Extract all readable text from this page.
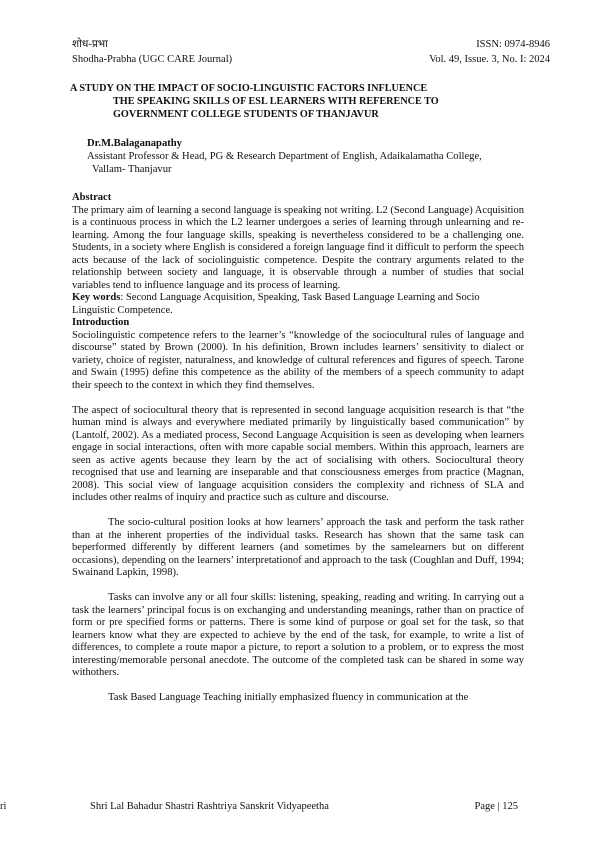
शोध-प्रभा
Shodha-Prabha (UGC CARE Journal)
ISSN: 0974-8946
Vol. 49, Issue. 3, No. I: 2024
A STUDY ON THE IMPACT OF SOCIO-LINGUISTIC FACTORS INFLUENCE
THE SPEAKING SKILLS OF ESL LEARNERS WITH REFERENCE TO
GOVERNMENT COLLEGE STUDENTS OF THANJAVUR
Dr.M.Balaganapathy
Assistant Professor & Head, PG & Research Department of English, Adaikalamatha College,
Vallam- Thanjavur

Abstract

The primary aim of learning a second language is speaking not writing. L2 (Second Language) Acquisition is a continuous process in which the L2 learner undergoes a series of learning through unlearning and re-learning. Among the four language skills, speaking is nevertheless considered to be a challenging one. Students, in a society where English is considered a foreign language find it difficult to perform the speech acts because of the lack of sociolinguistic competence. Despite the contrary arguments related to the relationship between society and language, it is observable through a number of studies that social variables tend to influence language and its process of learning.

Key words: Second Language Acquisition, Speaking, Task Based Language Learning and Socio Linguistic Competence.

Introduction

Sociolinguistic competence refers to the learner’s “knowledge of the sociocultural rules of language and discourse” stated by Brown (2000). In his definition, Brown includes learners’ sensitivity to dialect or variety, choice of register, naturalness, and knowledge of cultural references and figures of speech. Tarone and Swain (1995) define this competence as the ability of the members of a speech community to adapt their speech to the context in which they find themselves.

The aspect of sociocultural theory that is represented in second language acquisition research is that “the human mind is always and everywhere mediated primarily by linguistically based communication” by (Lantolf, 2002). As a mediated process, Second Language Acquisition is seen as developing when learners engage in social interactions, often with more capable social members. Within this approach, learners are seen as active agents because they learn by the act of socialising with others. Sociocultural theory recognised that use and learning are inseparable and that consciousness emerges from practice (Magnan, 2008). This social view of language acquisition considers the complexity and richness of SLA and includes other realms of inquiry and practice such as culture and discourse.

The socio-cultural position looks at how learners’ approach the task and perform the task rather than at the inherent properties of the individual tasks. Research has shown that the same task can beperformed differently by different learners (and sometimes by the samelearners but on different occasions), depending on the learners’ interpretationof and approach to the task (Coughlan and Duff, 1994; Swainand Lapkin, 1998).

Tasks can involve any or all four skills: listening, speaking, reading and writing. In carrying out a task the learners’ principal focus is on exchanging and understanding meanings, rather than on practice of form or pre specified forms or patterns. There is some kind of purpose or goal set for the task, so that learners know what they are expected to achieve by the end of the task, for example, to write a list of differences, to complete a route mapor a picture, to report a solution to a problem, or to express the most interesting/memorable personal anecdote. The outcome of the completed task can be shared in some way withothers.

Task Based Language Teaching initially emphasized fluency in communication at the

ri	Shri Lal Bahadur Shastri Rashtriya Sanskrit Vidyapeetha	Page | 125
